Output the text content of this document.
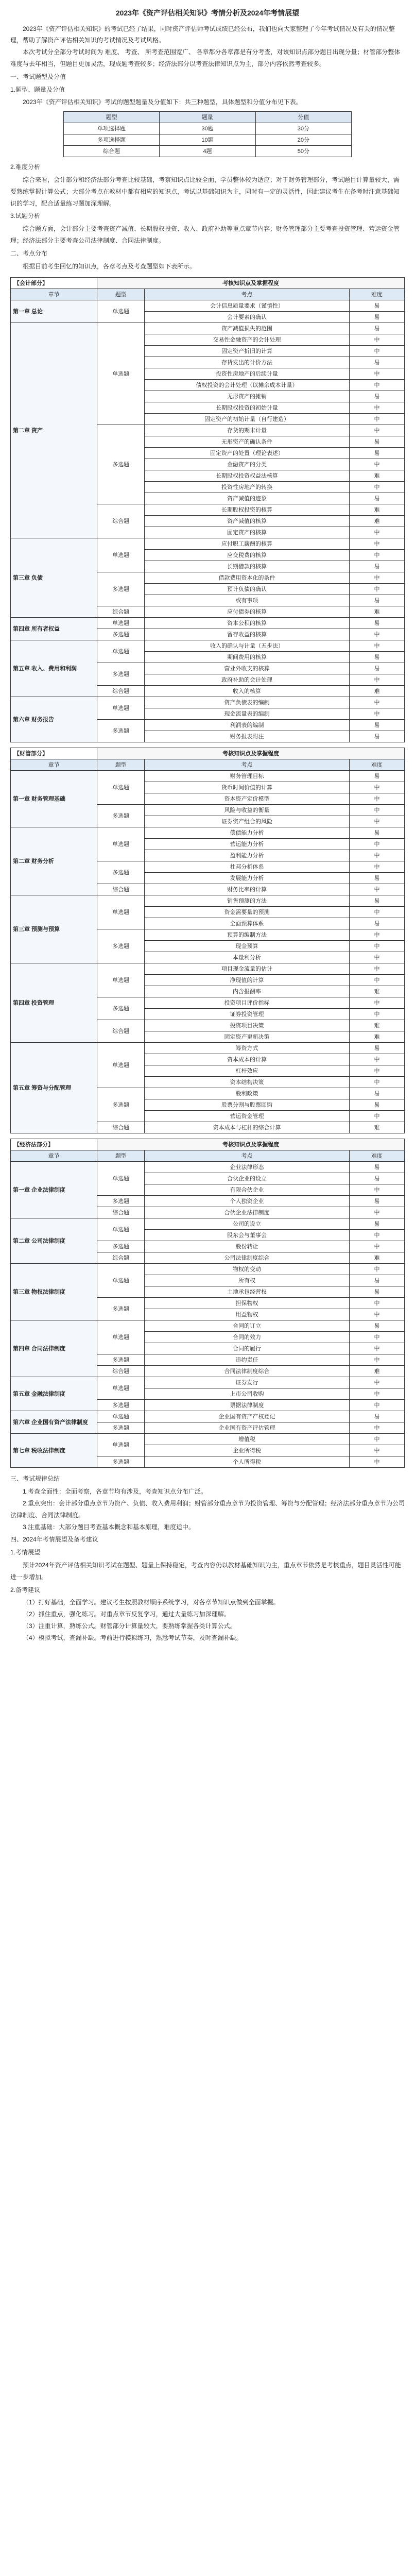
2023年《资产评估相关知识》考情分析及2024年考情展望

2023年《资产评估相关知识》的考试已经了结果，同时资产评估师考试成绩已经公布，我们也向大家整理了今年考试情况及有关的情况整理，帮助了解资产评估相关知识的考试情况及考试风格。

本次考试分全部分考试时间为 难度、 考查、 所考查范围宽广、 各章都分各章都是有分考查，对该知识点部分题目出现分量；材管部分整体难度与去年相当，但题目更加灵活，现成题考查较多；经济法部分以考查法律知识点为主，部分内容依然考查较多。

一、考试题型及分值
1.题型、题量及分值

2023年《资产评估相关知识》考试的题型题量及分值如下：共三种题型，具体题型和分值分布见下表。

题型	题量	分值
单项选择题	30题	30分
多项选择题	10题	20分
综合题	4题	50分
2.难度分析

综合来看，会计部分和经济法部分考查比较基础，考察知识点比较全面，学员整体较为适应；对于财务管理部分，考试题目计算量较大，需要熟练掌握计算公式；大部分考点在教材中都有相应的知识点，考试以基础知识为主，同时有一定的灵活性，因此建议考生在备考时注意基础知识的学习，配合适量练习题加深理解。

3.试题分析

综合题方面，会计部分主要考查资产减值、长期股权投资、收入、政府补助等重点章节内容；财务管理部分主要考查投资管理、营运资金管理；经济法部分主要考查公司法律制度、合同法律制度。

二、考点分布

根据目前考生回忆的知识点，各章考点及考查题型如下表所示。

【会计部分】	考核知识点及掌握程度		
章节	题型	考点	难度
第一章 总论	单选题	会计信息质量要求（谨慎性）	易
		会计要素的确认	易
第二章 资产	单选题	资产减值损失的范围	易
		交易性金融资产的会计处理	中
		固定资产折旧的计算	中
		存货发出的计价方法	易
		投资性房地产的后续计量	中
		债权投资的会计处理（以摊余成本计量）	中
		无形资产的摊销	易
		长期股权投资的初始计量	中
		固定资产的初始计量（自行建造）	中
	多选题	存货的期末计量	中
		无形资产的确认条件	易
		固定资产的处置（理论表述）	易
		金融资产的分类	中
		长期股权投资权益法核算	难
		投资性房地产的转换	中
		资产减值的迹象	易
	综合题	长期股权投资的核算	难
		资产减值的核算	难
		固定资产的核算	中
第三章 负债	单选题	应付职工薪酬的核算	中
		应交税费的核算	中
		长期借款的核算	易
	多选题	借款费用资本化的条件	中
		预计负债的确认	中
		或有事项	易
	综合题	应付债券的核算	难
第四章 所有者权益	单选题	资本公积的核算	易
	多选题	留存收益的核算	中
第五章 收入、费用和利润	单选题	收入的确认与计量（五步法）	中
		期间费用的核算	易
	多选题	营业外收支的核算	易
		政府补助的会计处理	中
	综合题	收入的核算	难
第六章 财务报告	单选题	资产负债表的编制	中
		现金流量表的编制	中
	多选题	利润表的编制	易
		财务报表附注	易
【财管部分】	考核知识点及掌握程度		
章节	题型	考点	难度
第一章 财务管理基础	单选题	财务管理目标	易
		货币时间价值的计算	中
		资本资产定价模型	中
	多选题	风险与收益的衡量	中
		证券资产组合的风险	中
第二章 财务分析	单选题	偿债能力分析	易
		营运能力分析	中
		盈利能力分析	中
	多选题	杜邦分析体系	中
		发展能力分析	易
	综合题	财务比率的计算	中
第三章 预测与预算	单选题	销售预测的方法	易
		资金需要量的预测	中
		全面预算体系	易
	多选题	预算的编制方法	中
		现金预算	中
		本量利分析	中
第四章 投资管理	单选题	项目现金流量的估计	中
		净现值的计算	中
		内含报酬率	难
	多选题	投资项目评价指标	中
		证券投资管理	中
	综合题	投资项目决策	难
		固定资产更新决策	难
第五章 筹资与分配管理	单选题	筹资方式	易
		资本成本的计算	中
		杠杆效应	中
		资本结构决策	中
	多选题	股利政策	易
		股票分割与股票回购	易
		营运资金管理	中
	综合题	资本成本与杠杆的综合计算	难
【经济法部分】	考核知识点及掌握程度		
章节	题型	考点	难度
第一章 企业法律制度	单选题	企业法律形态	易
		合伙企业的设立	易
		有限合伙企业	中
	多选题	个人独资企业	易
	综合题	合伙企业法律制度	中
第二章 公司法律制度	单选题	公司的设立	易
		股东会与董事会	中
	多选题	股份转让	中
	综合题	公司法律制度综合	难
第三章 物权法律制度	单选题	物权的变动	中
		所有权	易
		土地承包经营权	易
	多选题	担保物权	中
		用益物权	中
第四章 合同法律制度	单选题	合同的订立	易
		合同的效力	中
		合同的履行	中
	多选题	违约责任	中
	综合题	合同法律制度综合	难
第五章 金融法律制度	单选题	证券发行	中
		上市公司收购	中
	多选题	票据法律制度	中
第六章 企业国有资产法律制度	单选题	企业国有资产产权登记	易
	多选题	企业国有资产评估管理	中
第七章 税收法律制度	单选题	增值税	中
		企业所得税	中
	多选题	个人所得税	中
三、考试规律总结

1.考查全面性：全面考察，各章节均有涉及，考查知识点分布广泛。

2.重点突出：会计部分重点章节为资产、负债、收入费用利润；财管部分重点章节为投资管理、筹资与分配管理；经济法部分重点章节为公司法律制度、合同法律制度。

3.注重基础：大部分题目考查基本概念和基本原理，难度适中。

四、2024年考情展望及备考建议
1.考情展望

预计2024年资产评估相关知识考试在题型、题量上保持稳定，考查内容仍以教材基础知识为主，重点章节依然是考核重点，题目灵活性可能进一步增加。

2.备考建议

（1）打好基础，全面学习。建议考生按照教材顺序系统学习，对各章节知识点做到全面掌握。

（2）抓住重点，强化练习。对重点章节反复学习，通过大量练习加深理解。

（3）注重计算，熟练公式。财管部分计算量较大，要熟练掌握各类计算公式。

（4）模拟考试，查漏补缺。考前进行模拟练习，熟悉考试节奏，及时查漏补缺。
